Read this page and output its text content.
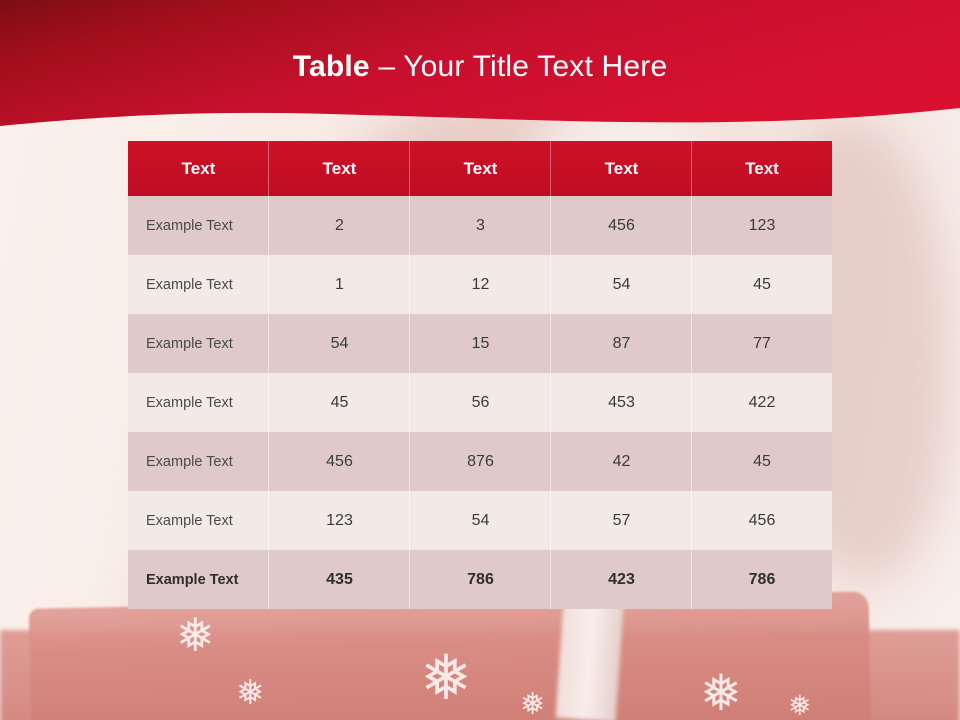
❅
❅	❅ ❅	❅ ❅
Table – Your Title Text Here
Text	Text	Text	Text	Text
Example Text	2	3	456	123
Example Text	1	12	54	45
Example Text	54	15	87	77
Example Text	45	56	453	422
Example Text	456	876	42	45
Example Text	123	54	57	456
Example Text	435	786	423	786
